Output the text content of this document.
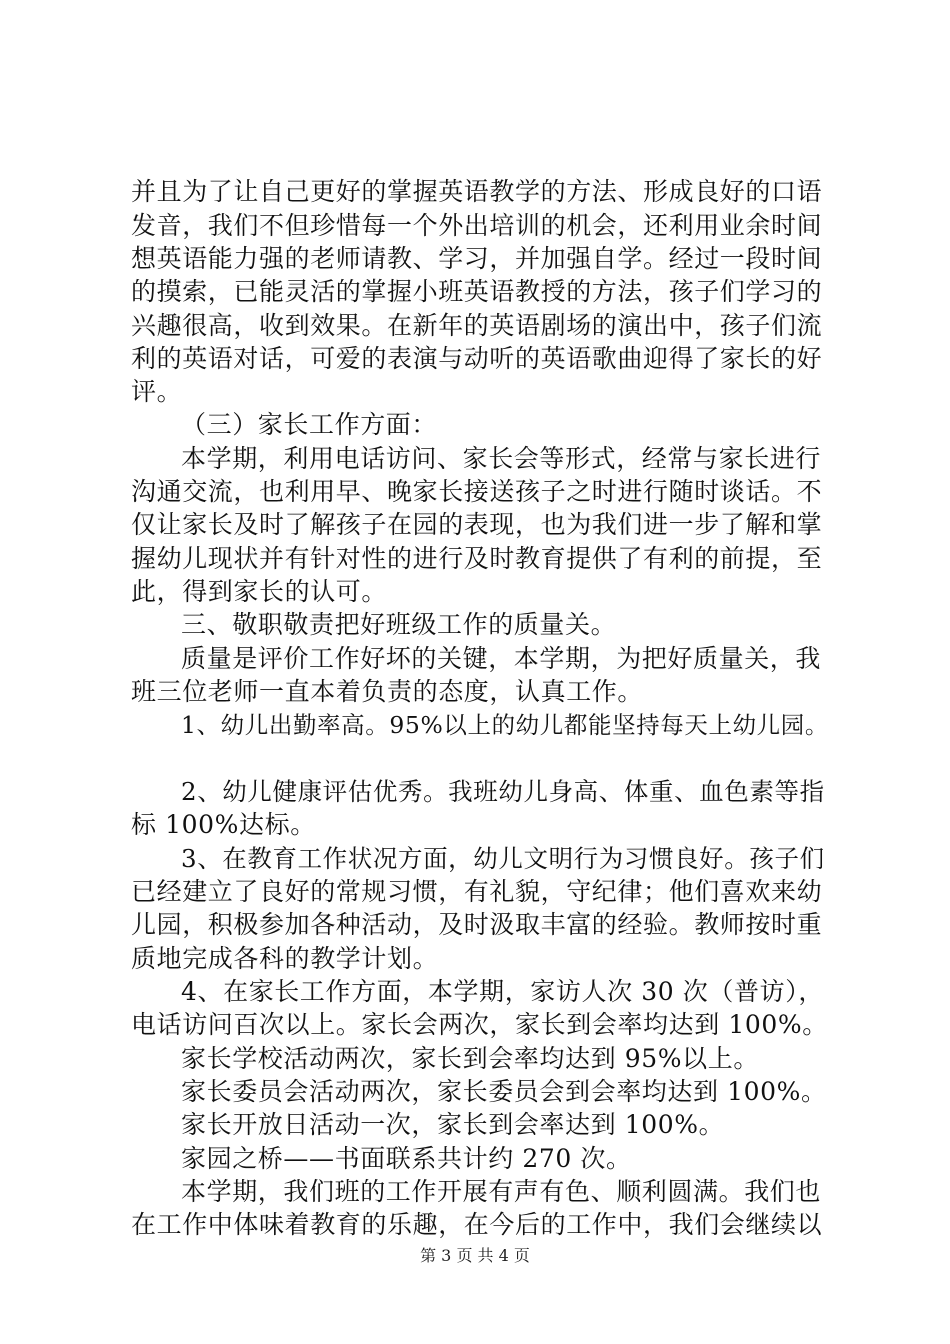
并且为了让自己更好的掌握英语教学的方法、形成良好的口语
发音，我们不但珍惜每一个外出培训的机会，还利用业余时间
想英语能力强的老师请教、学习，并加强自学。经过一段时间
的摸索，已能灵活的掌握小班英语教授的方法，孩子们学习的
兴趣很高，收到效果。在新年的英语剧场的演出中，孩子们流
利的英语对话，可爱的表演与动听的英语歌曲迎得了家长的好
评。
（三）家长工作方面：
本学期，利用电话访问、家长会等形式，经常与家长进行
沟通交流，也利用早、晚家长接送孩子之时进行随时谈话。不
仅让家长及时了解孩子在园的表现，也为我们进一步了解和掌
握幼儿现状并有针对性的进行及时教育提供了有利的前提，至
此，得到家长的认可。
三、敬职敬责把好班级工作的质量关。
质量是评价工作好坏的关键，本学期，为把好质量关，我
班三位老师一直本着负责的态度，认真工作。
1、幼儿出勤率高。95%以上的幼儿都能坚持每天上幼儿园。
2、幼儿健康评估优秀。我班幼儿身高、体重、血色素等指
标 100%达标。
3、在教育工作状况方面，幼儿文明行为习惯良好。孩子们
已经建立了良好的常规习惯，有礼貌，守纪律；他们喜欢来幼
儿园，积极参加各种活动，及时汲取丰富的经验。教师按时重
质地完成各科的教学计划。
4、在家长工作方面，本学期，家访人次 30 次（普访），
电话访问百次以上。家长会两次，家长到会率均达到 100%。
家长学校活动两次，家长到会率均达到 95%以上。
家长委员会活动两次，家长委员会到会率均达到 100%。
家长开放日活动一次，家长到会率达到 100%。
家园之桥——书面联系共计约 270 次。
本学期，我们班的工作开展有声有色、顺利圆满。我们也
在工作中体味着教育的乐趣，在今后的工作中，我们会继续以
第 3 页 共 4 页
